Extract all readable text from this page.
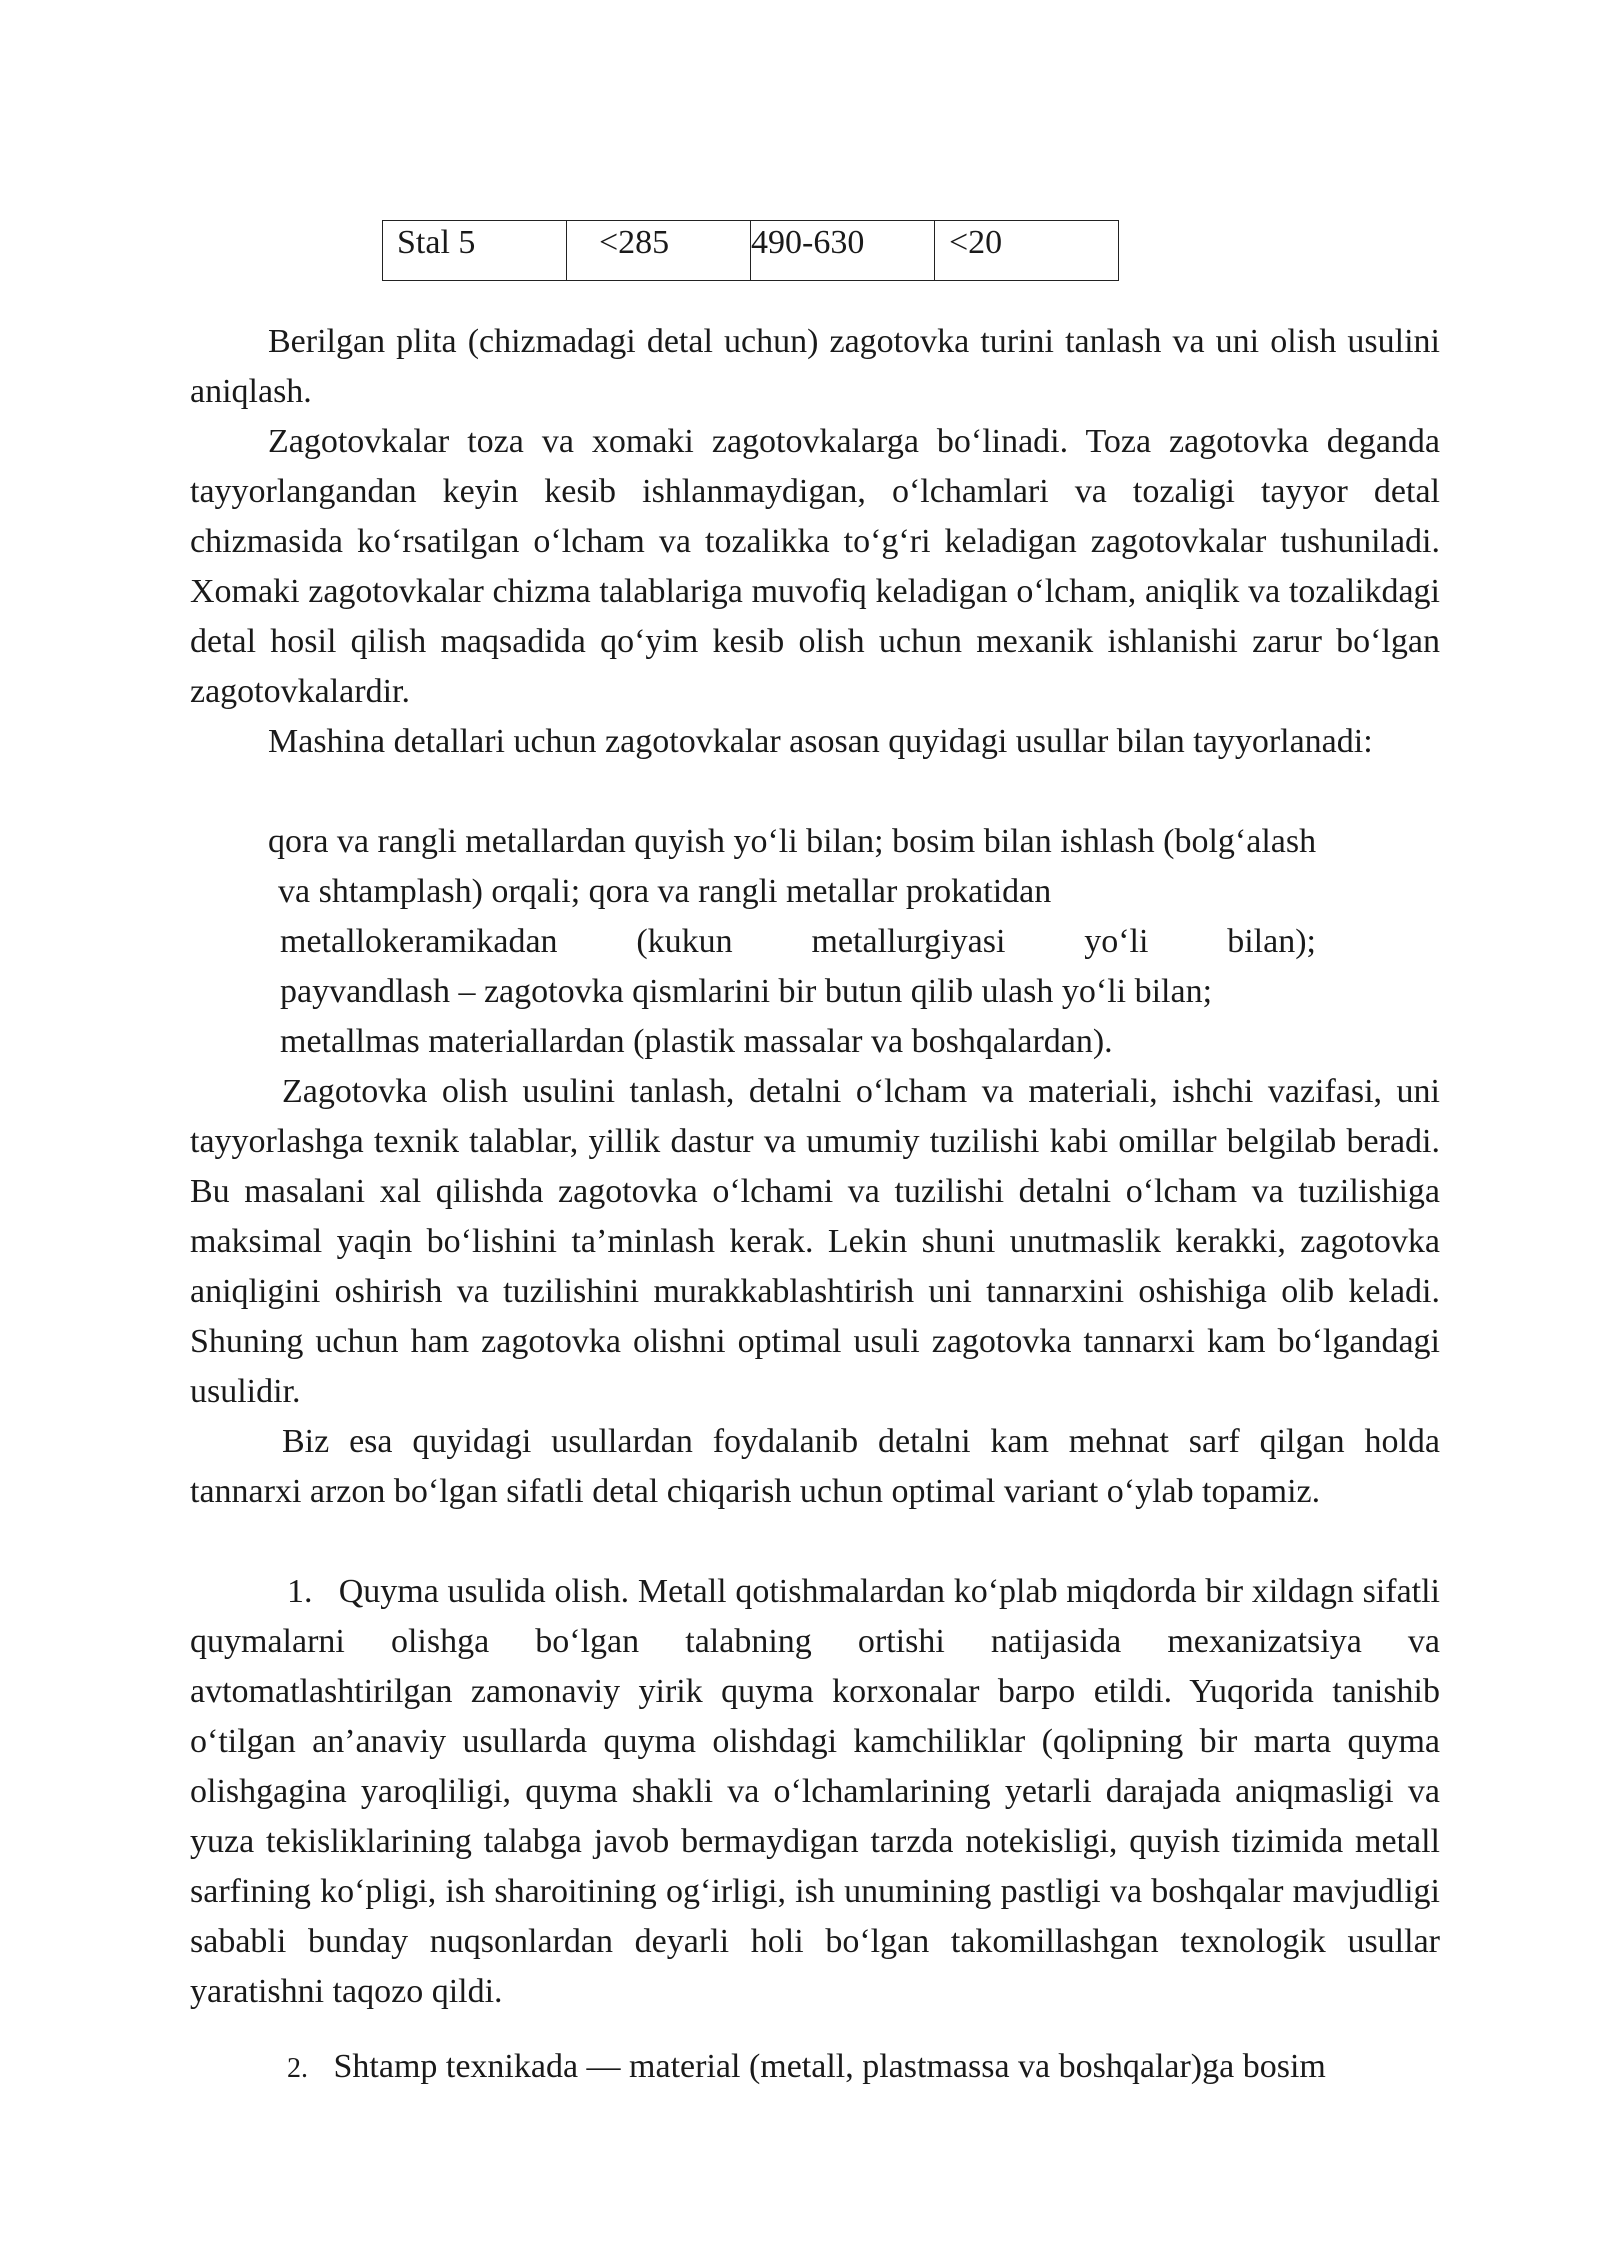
Stal 5	<285	490-630	<20

Berilgan plita (chizmadagi detal uchun) zagotovka turini tanlash va uni olish usulini aniqlash.

Zagotovkalar toza va xomaki zagotovkalarga bo‘linadi. Toza zagotovka deganda tayyorlangandan keyin kesib ishlanmaydigan, o‘lchamlari va tozaligi tayyor detal chizmasida ko‘rsatilgan o‘lcham va tozalikka to‘g‘ri keladigan zagotovkalar tushuniladi. Xomaki zagotovkalar chizma talablariga muvofiq keladigan o‘lcham, aniqlik va tozalikdagi detal hosil qilish maqsadida qo‘yim kesib olish uchun mexanik ishlanishi zarur bo‘lgan zagotovkalardir.

Mashina detallari uchun zagotovkalar asosan quyidagi usullar bilan tayyorlanadi:

qora va rangli metallardan quyish yo‘li bilan; bosim bilan ishlash (bolg‘alash
va shtamplash) orqali; qora va rangli metallar prokatidan
metallokeramikadan (kukun metallurgiyasi yo‘li bilan);
payvandlash – zagotovka qismlarini bir butun qilib ulash yo‘li bilan;
metallmas materiallardan (plastik massalar va boshqalardan).

Zagotovka olish usulini tanlash, detalni o‘lcham va materiali, ishchi vazifasi, uni tayyorlashga texnik talablar, yillik dastur va umumiy tuzilishi kabi omillar belgilab beradi. Bu masalani xal qilishda zagotovka o‘lchami va tuzilishi detalni o‘lcham va tuzilishiga maksimal yaqin bo‘lishini ta’minlash kerak. Lekin shuni unutmaslik kerakki, zagotovka aniqligini oshirish va tuzilishini murakkablashtirish uni tannarxini oshishiga olib keladi. Shuning uchun ham zagotovka olishni optimal usuli zagotovka tannarxi kam bo‘lgandagi usulidir.

Biz esa quyidagi usullardan foydalanib detalni kam mehnat sarf qilgan holda tannarxi arzon bo‘lgan sifatli detal chiqarish uchun optimal variant o‘ylab topamiz.

1. Quyma usulida olish. Metall qotishmalardan ko‘plab miqdorda bir xildagn sifatli quymalarni olishga bo‘lgan talabning ortishi natijasida mexanizatsiya va avtomatlashtirilgan zamonaviy yirik quyma korxonalar barpo etildi. Yuqorida tanishib o‘tilgan an’anaviy usullarda quyma olishdagi kamchiliklar (qolipning bir marta quyma olishgagina yaroqliligi, quyma shakli va o‘lchamlarining yetarli darajada aniqmasligi va yuza tekisliklarining talabga javob bermaydigan tarzda notekisligi, quyish tizimida metall sarfining ko‘pligi, ish sharoitining og‘irligi, ish unumining pastligi va boshqalar mavjudligi sababli bunday nuqsonlardan deyarli holi bo‘lgan takomillashgan texnologik usullar yaratishni taqozo qildi.

2. Shtamp texnikada — material (metall, plastmassa va boshqalar)ga bosim
